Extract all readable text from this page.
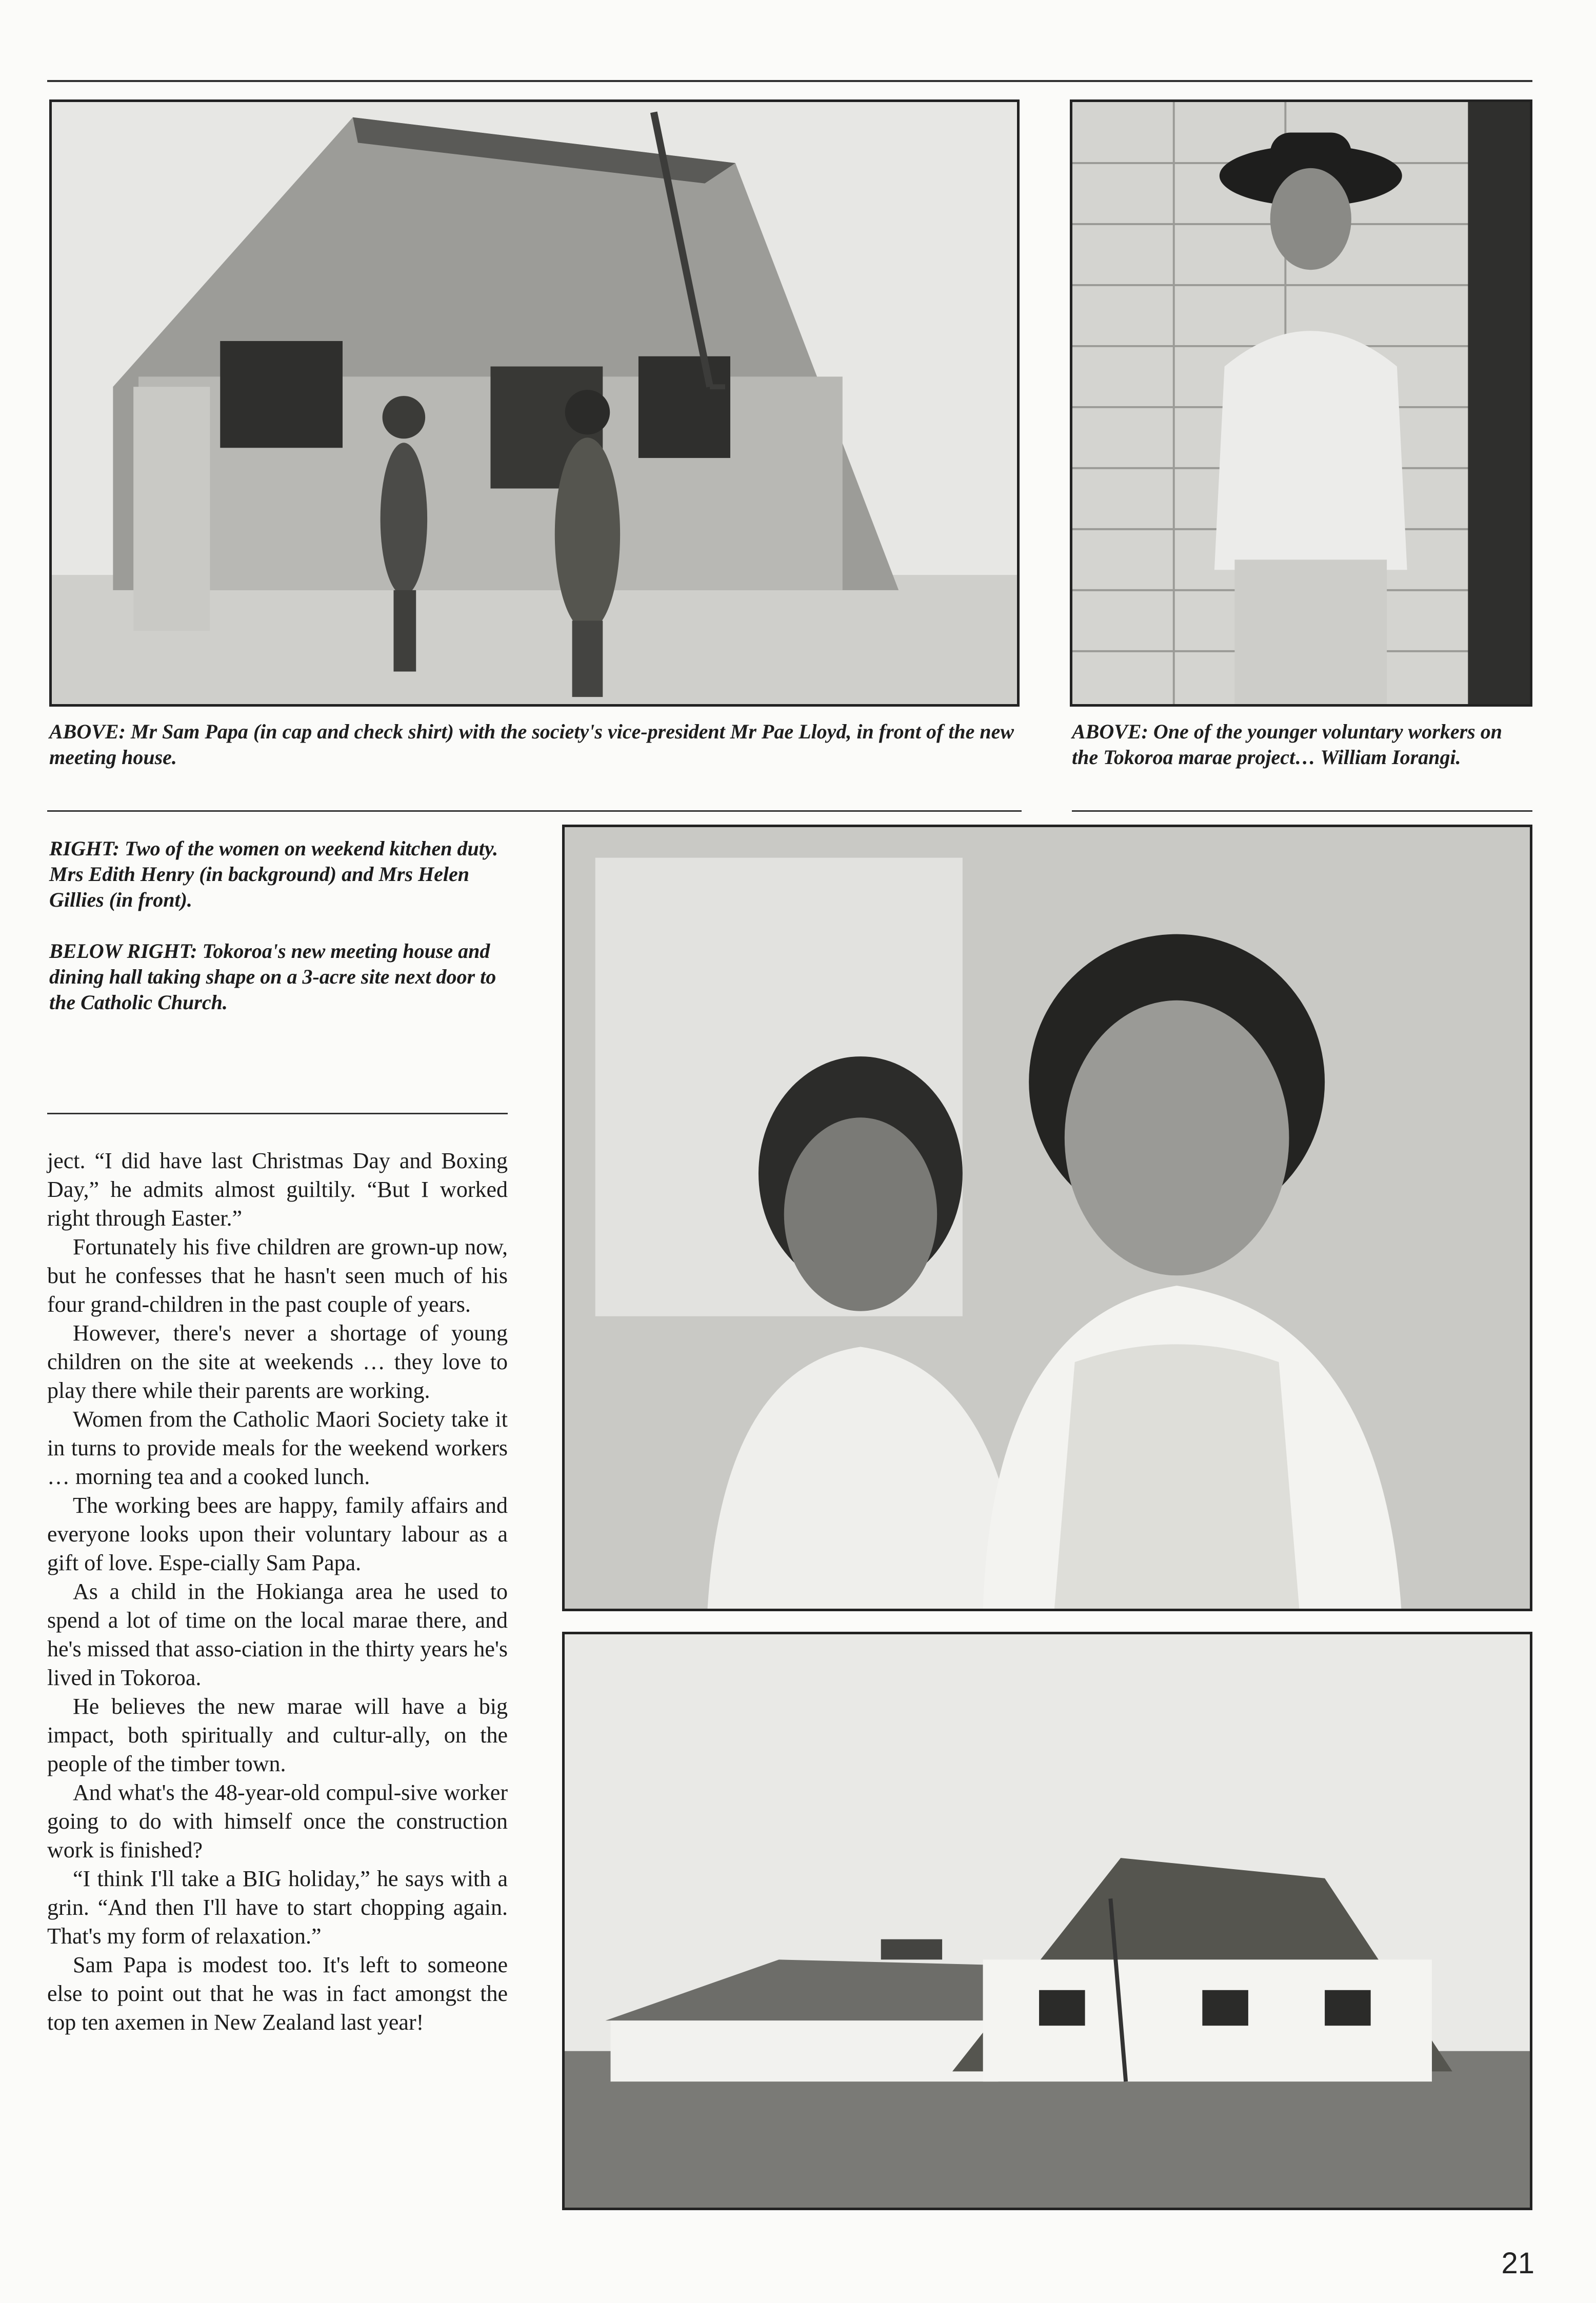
ABOVE: Mr Sam Papa (in cap and check shirt) with the society's vice-president Mr Pae Lloyd, in front of the new meeting house.

ABOVE: One of the younger voluntary workers on the Tokoroa marae project… William Iorangi.

RIGHT: Two of the women on weekend kitchen duty. Mrs Edith Henry (in background) and Mrs Helen Gillies (in front).

BELOW RIGHT: Tokoroa's new meeting house and dining hall taking shape on a 3-acre site next door to the Catholic Church.

ject. “I did have last Christmas Day and Boxing Day,” he admits almost guiltily. “But I worked right through Easter.”

Fortunately his five children are grown-up now, but he confesses that he hasn't seen much of his four grand-children in the past couple of years.

However, there's never a shortage of young children on the site at weekends … they love to play there while their parents are working.

Women from the Catholic Maori Society take it in turns to provide meals for the weekend workers … morning tea and a cooked lunch.

The working bees are happy, family affairs and everyone looks upon their voluntary labour as a gift of love. Espe-cially Sam Papa.

As a child in the Hokianga area he used to spend a lot of time on the local marae there, and he's missed that asso-ciation in the thirty years he's lived in Tokoroa.

He believes the new marae will have a big impact, both spiritually and cultur-ally, on the people of the timber town.

And what's the 48-year-old compul-sive worker going to do with himself once the construction work is finished?

“I think I'll take a BIG holiday,” he says with a grin. “And then I'll have to start chopping again. That's my form of relaxation.”

Sam Papa is modest too. It's left to someone else to point out that he was in fact amongst the top ten axemen in New Zealand last year!

21
